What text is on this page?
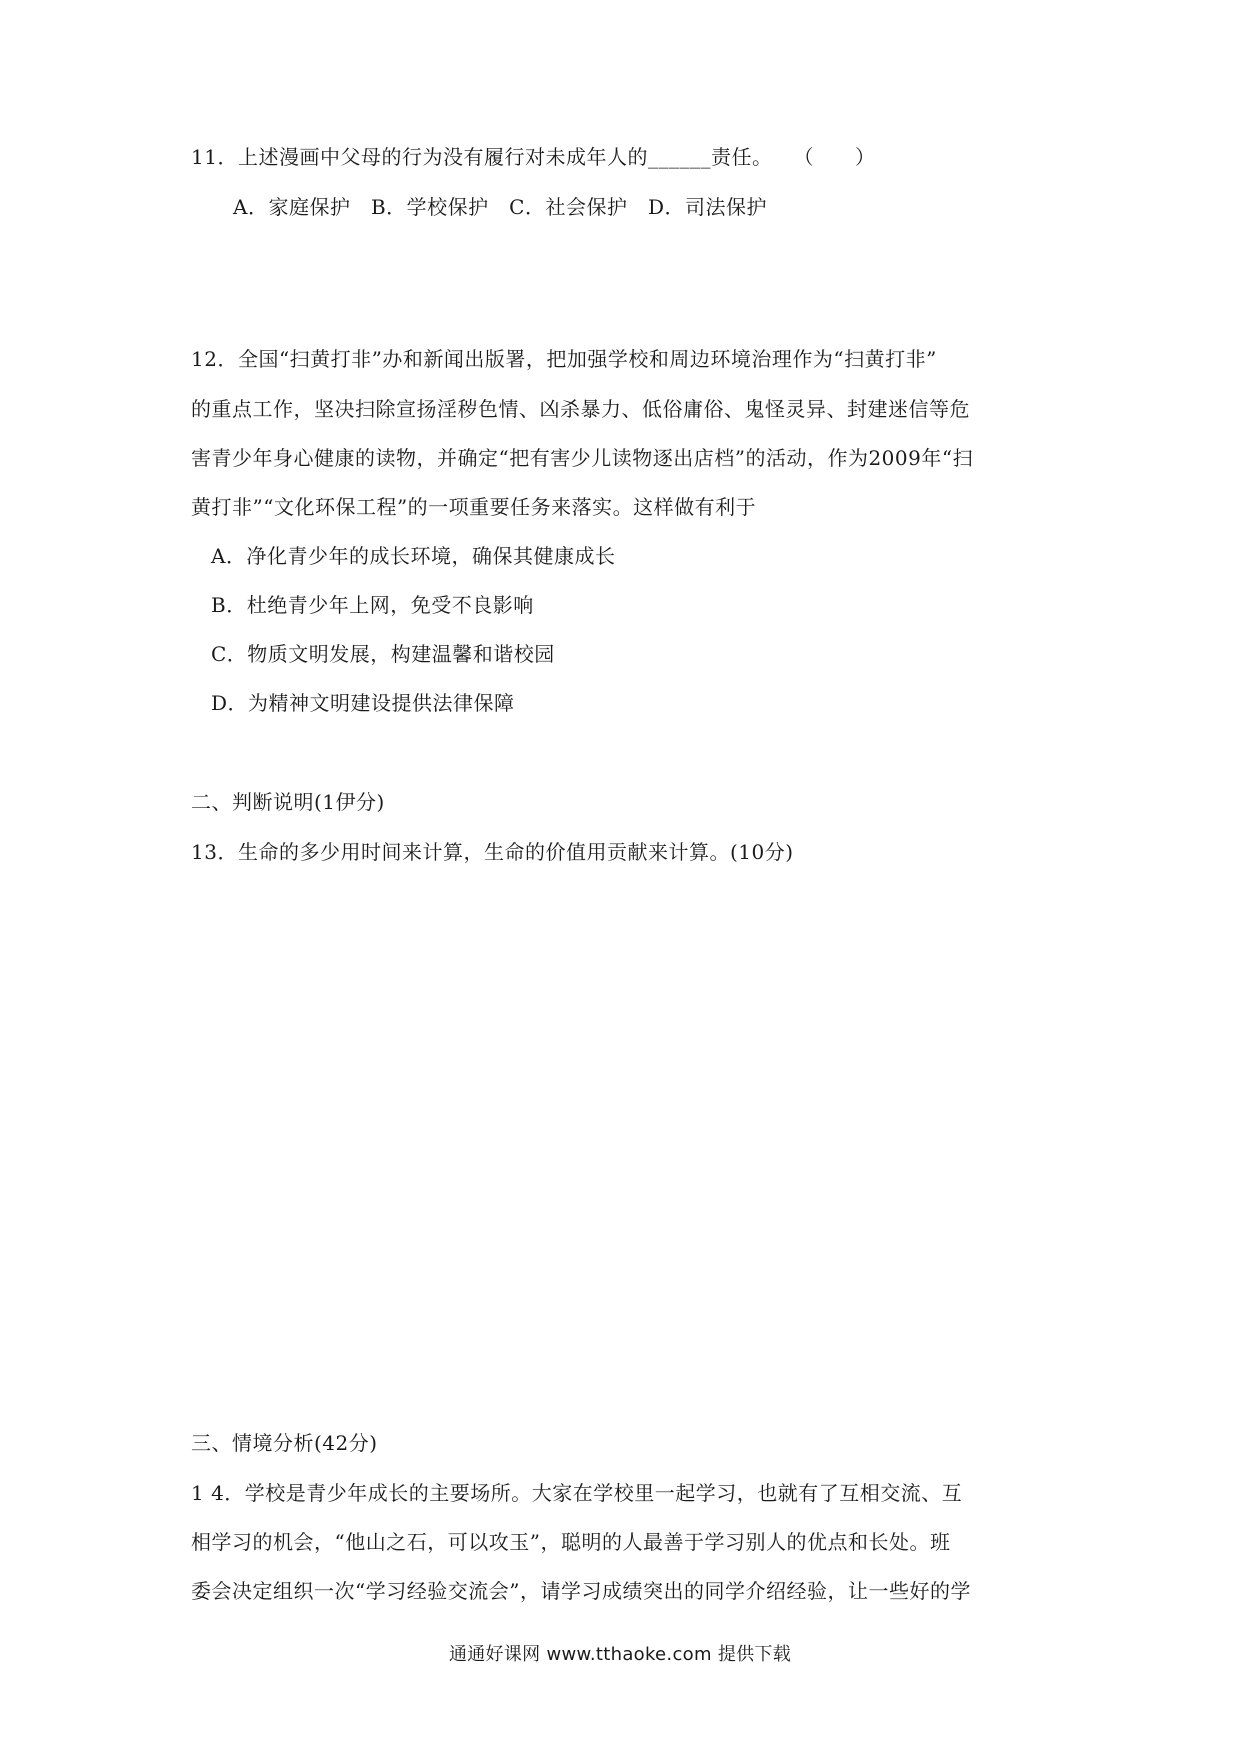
11．上述漫画中父母的行为没有履行对未成年人的______责任。　　（　　）
A．家庭保护　B．学校保护　C．社会保护　D．司法保护
12．全国“扫黄打非”办和新闻出版署，把加强学校和周边环境治理作为“扫黄打非”
的重点工作，坚决扫除宣扬淫秽色情、凶杀暴力、低俗庸俗、鬼怪灵异、封建迷信等危
害青少年身心健康的读物，并确定“把有害少儿读物逐出店档”的活动，作为2009年“扫
黄打非”“文化环保工程”的一项重要任务来落实。这样做有利于
A．净化青少年的成长环境，确保其健康成长
B．杜绝青少年上网，免受不良影响
C．物质文明发展，构建温馨和谐校园
D．为精神文明建设提供法律保障
二、判断说明(1伊分)
13．生命的多少用时间来计算，生命的价值用贡献来计算。(10分)
三、情境分析(42分)
1 4．学校是青少年成长的主要场所。大家在学校里一起学习，也就有了互相交流、互
相学习的机会，“他山之石，可以攻玉”，聪明的人最善于学习别人的优点和长处。班
委会决定组织一次“学习经验交流会”，请学习成绩突出的同学介绍经验，让一些好的学
通通好课网 www.tthaoke.com 提供下载
